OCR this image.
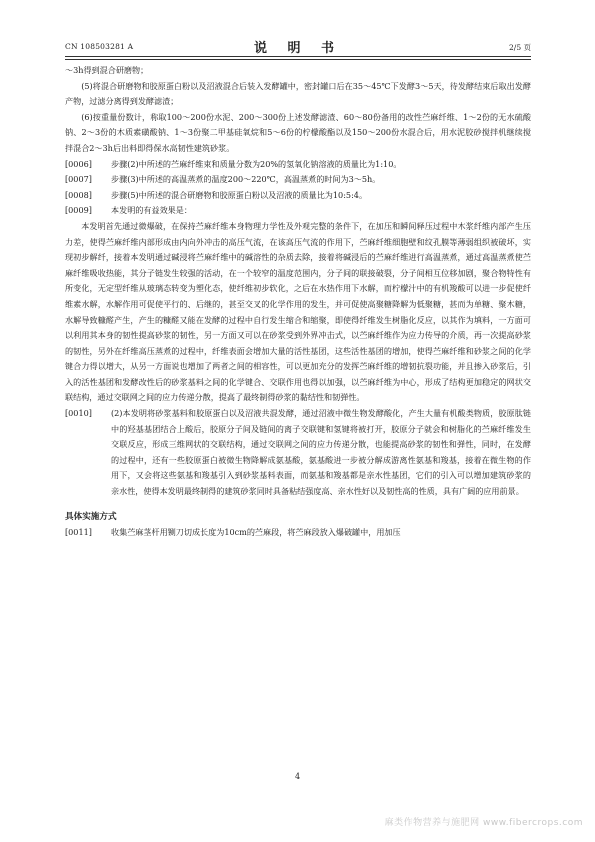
CN 108503281 A	说 明 书	2/5 页

～3h得到混合研磨物；

(5)将混合研磨物和胶原蛋白粉以及沼液混合后装入发酵罐中，密封罐口后在35～45℃下发酵3～5天，待发酵结束后取出发酵产物，过滤分离得到发酵滤渣；

(6)按重量份数计，称取100～200份水泥、200～300份上述发酵滤渣、60～80份备用的改性苎麻纤维、1～2份的无水硫酸钠、2～3份的木质素磺酸钠、1～3份聚二甲基硅氧烷和5～6份的柠檬酸酯以及150～200份水混合后，用水泥胶砂搅拌机继续搅拌混合2～3h后出料即得保水高韧性建筑砂浆。

[0006]	步骤(2)中所述的苎麻纤维束和质量分数为20%的氢氧化钠溶液的质量比为1:10。
[0007]	步骤(3)中所述的高温蒸煮的温度200～220℃，高温蒸煮的时间为3～5h。
[0008]	步骤(5)中所述的混合研磨物和胶原蛋白粉以及沼液的质量比为10:5:4。
[0009]	本发明的有益效果是：

本发明首先通过微爆破，在保持苎麻纤维本身物理力学性及外观完整的条件下，在加压和瞬间释压过程中木浆纤维内部产生压力差，使得苎麻纤维内部形成由内向外冲击的高压气流，在该高压气流的作用下，苎麻纤维细胞壁和纹孔膜等薄弱组织被破坏，实现初步解纤，接着本发明通过碱浸将苎麻纤维中的碱溶性的杂质去除，接着将碱浸后的苎麻纤维进行高温蒸煮，通过高温蒸煮使苎麻纤维吸收热能，其分子链发生较强的活动，在一个较窄的温度范围内，分子间的联接破裂，分子间相互位移加剧，聚合物特性有所变化，无定型纤维从玻璃态转变为塑化态，使纤维初步软化，之后在水热作用下水解，而柠檬汁中的有机羧酸可以进一步促使纤维素水解，水解作用可促使平行的、后继的，甚至交叉的化学作用的发生，并可促使高聚糖降解为低聚糖，甚而为单糖、聚木糖，水解导致糠醛产生，产生的糠醛又能在发酵的过程中自行发生缩合和缩聚，即使得纤维发生树脂化反应，以其作为填料，一方面可以利用其本身的韧性提高砂浆的韧性，另一方面又可以在砂浆受到外界冲击式，以苎麻纤维作为应力传导的介质，再一次提高砂浆的韧性，另外在纤维高压蒸煮的过程中，纤维表面会增加大量的活性基团，这些活性基团的增加，使得苎麻纤维和砂浆之间的化学键合力得以增大，从另一方面说也增加了两者之间的相容性，可以更加充分的发挥苎麻纤维的增韧抗裂功能，并且掺入砂浆后，引入的活性基团和发酵改性后的砂浆基料之间的化学键合、交联作用也得以加强，以苎麻纤维为中心，形成了结构更加稳定的网状交联结构，通过交联网之间的应力传递分散，提高了最终制得砂浆的黏结性和韧弹性。

[0010]	(2)本发明将砂浆基料和胶原蛋白以及沼液共混发酵，通过沼液中微生物发酵酸化，产生大量有机酸类物质，胶原肽链中的羟基基团结合上酸后，胶原分子间及链间的离子交联键和氢键将被打开，胶原分子就会和树脂化的苎麻纤维发生交联反应，形成三维网状的交联结构，通过交联网之间的应力传递分散，也能提高砂浆的韧性和弹性，同时，在发酵的过程中，还有一些胶原蛋白被微生物降解成氨基酸，氨基酸进一步被分解成游离性氨基和羧基，接着在微生物的作用下，又会将这些氨基和羧基引入到砂浆基料表面，而氨基和羧基都是亲水性基团，它们的引入可以增加建筑砂浆的亲水性，使得本发明最终制得的建筑砂浆同时具备粘结强度高、亲水性好以及韧性高的性质，具有广阔的应用前景。

具体实施方式

[0011]	收集苎麻茎杆用铡刀切成长度为10cm的苎麻段，将苎麻段放入爆破罐中，用加压
4
麻类作物营养与施肥网 www.fibercrops.com
